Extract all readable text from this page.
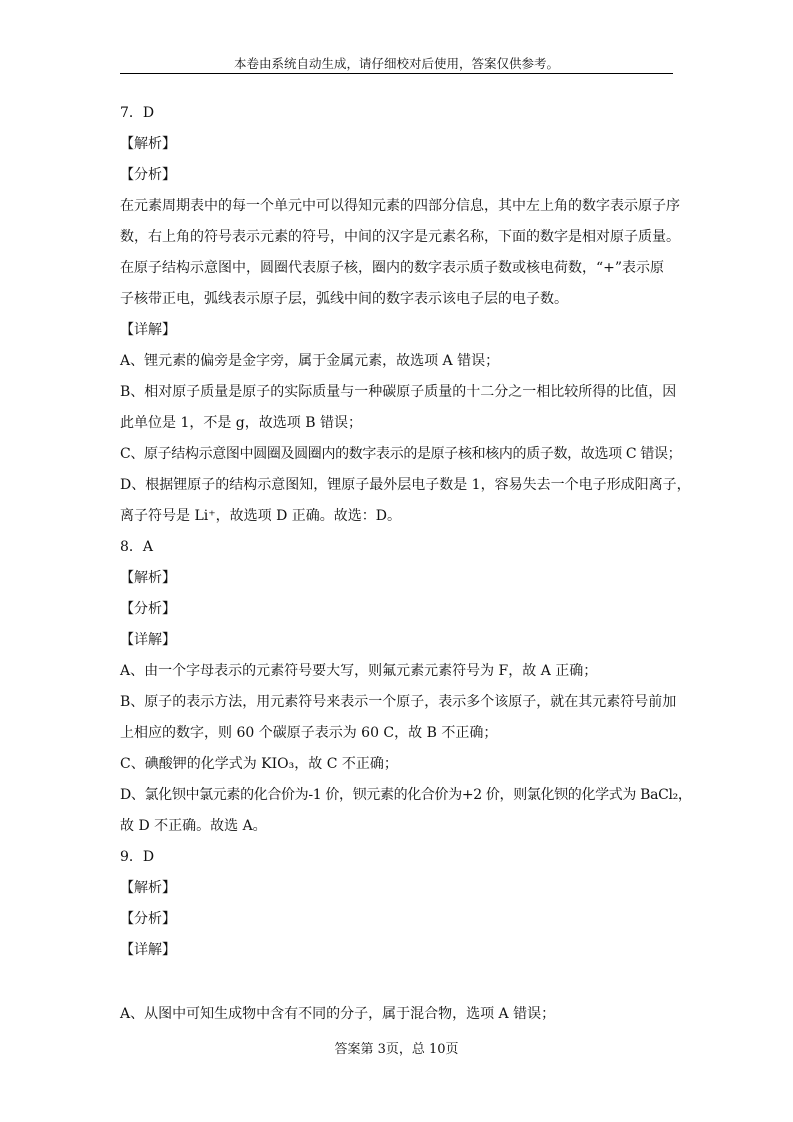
本卷由系统自动生成，请仔细校对后使用，答案仅供参考。
7．D
【解析】
【分析】
在元素周期表中的每一个单元中可以得知元素的四部分信息，其中左上角的数字表示原子序
数，右上角的符号表示元素的符号，中间的汉字是元素名称，下面的数字是相对原子质量。
在原子结构示意图中，圆圈代表原子核，圈内的数字表示质子数或核电荷数，“+”表示原
子核带正电，弧线表示原子层，弧线中间的数字表示该电子层的电子数。
【详解】
A、锂元素的偏旁是金字旁，属于金属元素，故选项 A 错误；
B、相对原子质量是原子的实际质量与一种碳原子质量的十二分之一相比较所得的比值，因
此单位是 1，不是 g，故选项 B 错误；
C、原子结构示意图中圆圈及圆圈内的数字表示的是原子核和核内的质子数，故选项 C 错误；
D、根据锂原子的结构示意图知，锂原子最外层电子数是 1，容易失去一个电子形成阳离子，
离子符号是 Li⁺，故选项 D 正确。故选：D。
8．A
【解析】
【分析】
【详解】
A、由一个字母表示的元素符号要大写，则氟元素元素符号为 F，故 A 正确；
B、原子的表示方法，用元素符号来表示一个原子，表示多个该原子，就在其元素符号前加
上相应的数字，则 60 个碳原子表示为 60 C，故 B 不正确；
C、碘酸钾的化学式为 KIO₃，故 C 不正确；
D、氯化钡中氯元素的化合价为-1 价，钡元素的化合价为+2 价，则氯化钡的化学式为 BaCl₂，
故 D 不正确。故选 A。
9．D
【解析】
【分析】
【详解】
A、从图中可知生成物中含有不同的分子，属于混合物，选项 A 错误；
答案第 3页，总 10页
